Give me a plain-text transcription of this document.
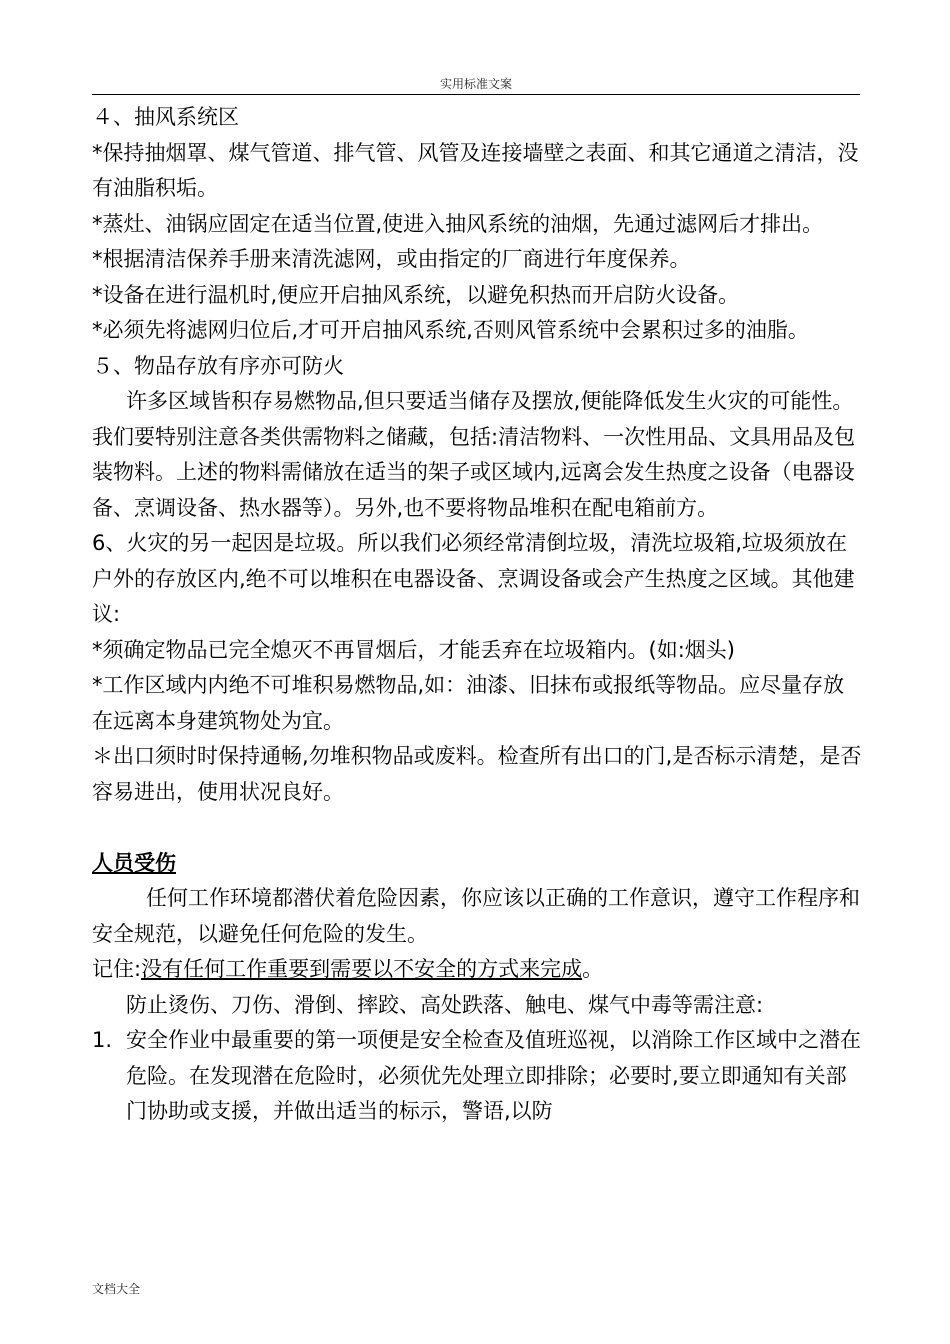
实用标准文案

４、抽风系统区

*保持抽烟罩、煤气管道、排气管、风管及连接墙壁之表面、和其它通道之清洁，没有油脂积垢。

*蒸灶、油锅应固定在适当位置,使进入抽风系统的油烟，先通过滤网后才排出。

*根据清洁保养手册来清洗滤网，或由指定的厂商进行年度保养。

*设备在进行温机时,便应开启抽风系统，以避免积热而开启防火设备。

*必须先将滤网归位后,才可开启抽风系统,否则风管系统中会累积过多的油脂。

５、物品存放有序亦可防火

许多区域皆积存易燃物品,但只要适当储存及摆放,便能降低发生火灾的可能性。我们要特别注意各类供需物料之储藏，包括:清洁物料、一次性用品、文具用品及包装物料。上述的物料需储放在适当的架子或区域内,远离会发生热度之设备（电器设备、烹调设备、热水器等）。另外,也不要将物品堆积在配电箱前方。

6、火灾的另一起因是垃圾。所以我们必须经常清倒垃圾，清洗垃圾箱,垃圾须放在户外的存放区内,绝不可以堆积在电器设备、烹调设备或会产生热度之区域。其他建议:

*须确定物品已完全熄灭不再冒烟后，才能丢弃在垃圾箱内。(如:烟头)

*工作区域内内绝不可堆积易燃物品,如：油漆、旧抹布或报纸等物品。应尽量存放在远离本身建筑物处为宜。

＊出口须时时保持通畅,勿堆积物品或废料。检查所有出口的门,是否标示清楚，是否容易进出，使用状况良好。

人员受伤

任何工作环境都潜伏着危险因素，你应该以正确的工作意识，遵守工作程序和安全规范，以避免任何危险的发生。

记住:没有任何工作重要到需要以不安全的方式来完成。

防止烫伤、刀伤、滑倒、摔跤、高处跌落、触电、煤气中毒等需注意:

1. 安全作业中最重要的第一项便是安全检查及值班巡视，以消除工作区域中之潜在危险。在发现潜在危险时，必须优先处理立即排除；必要时,要立即通知有关部门协助或支援，并做出适当的标示，警语,以防
文档大全
